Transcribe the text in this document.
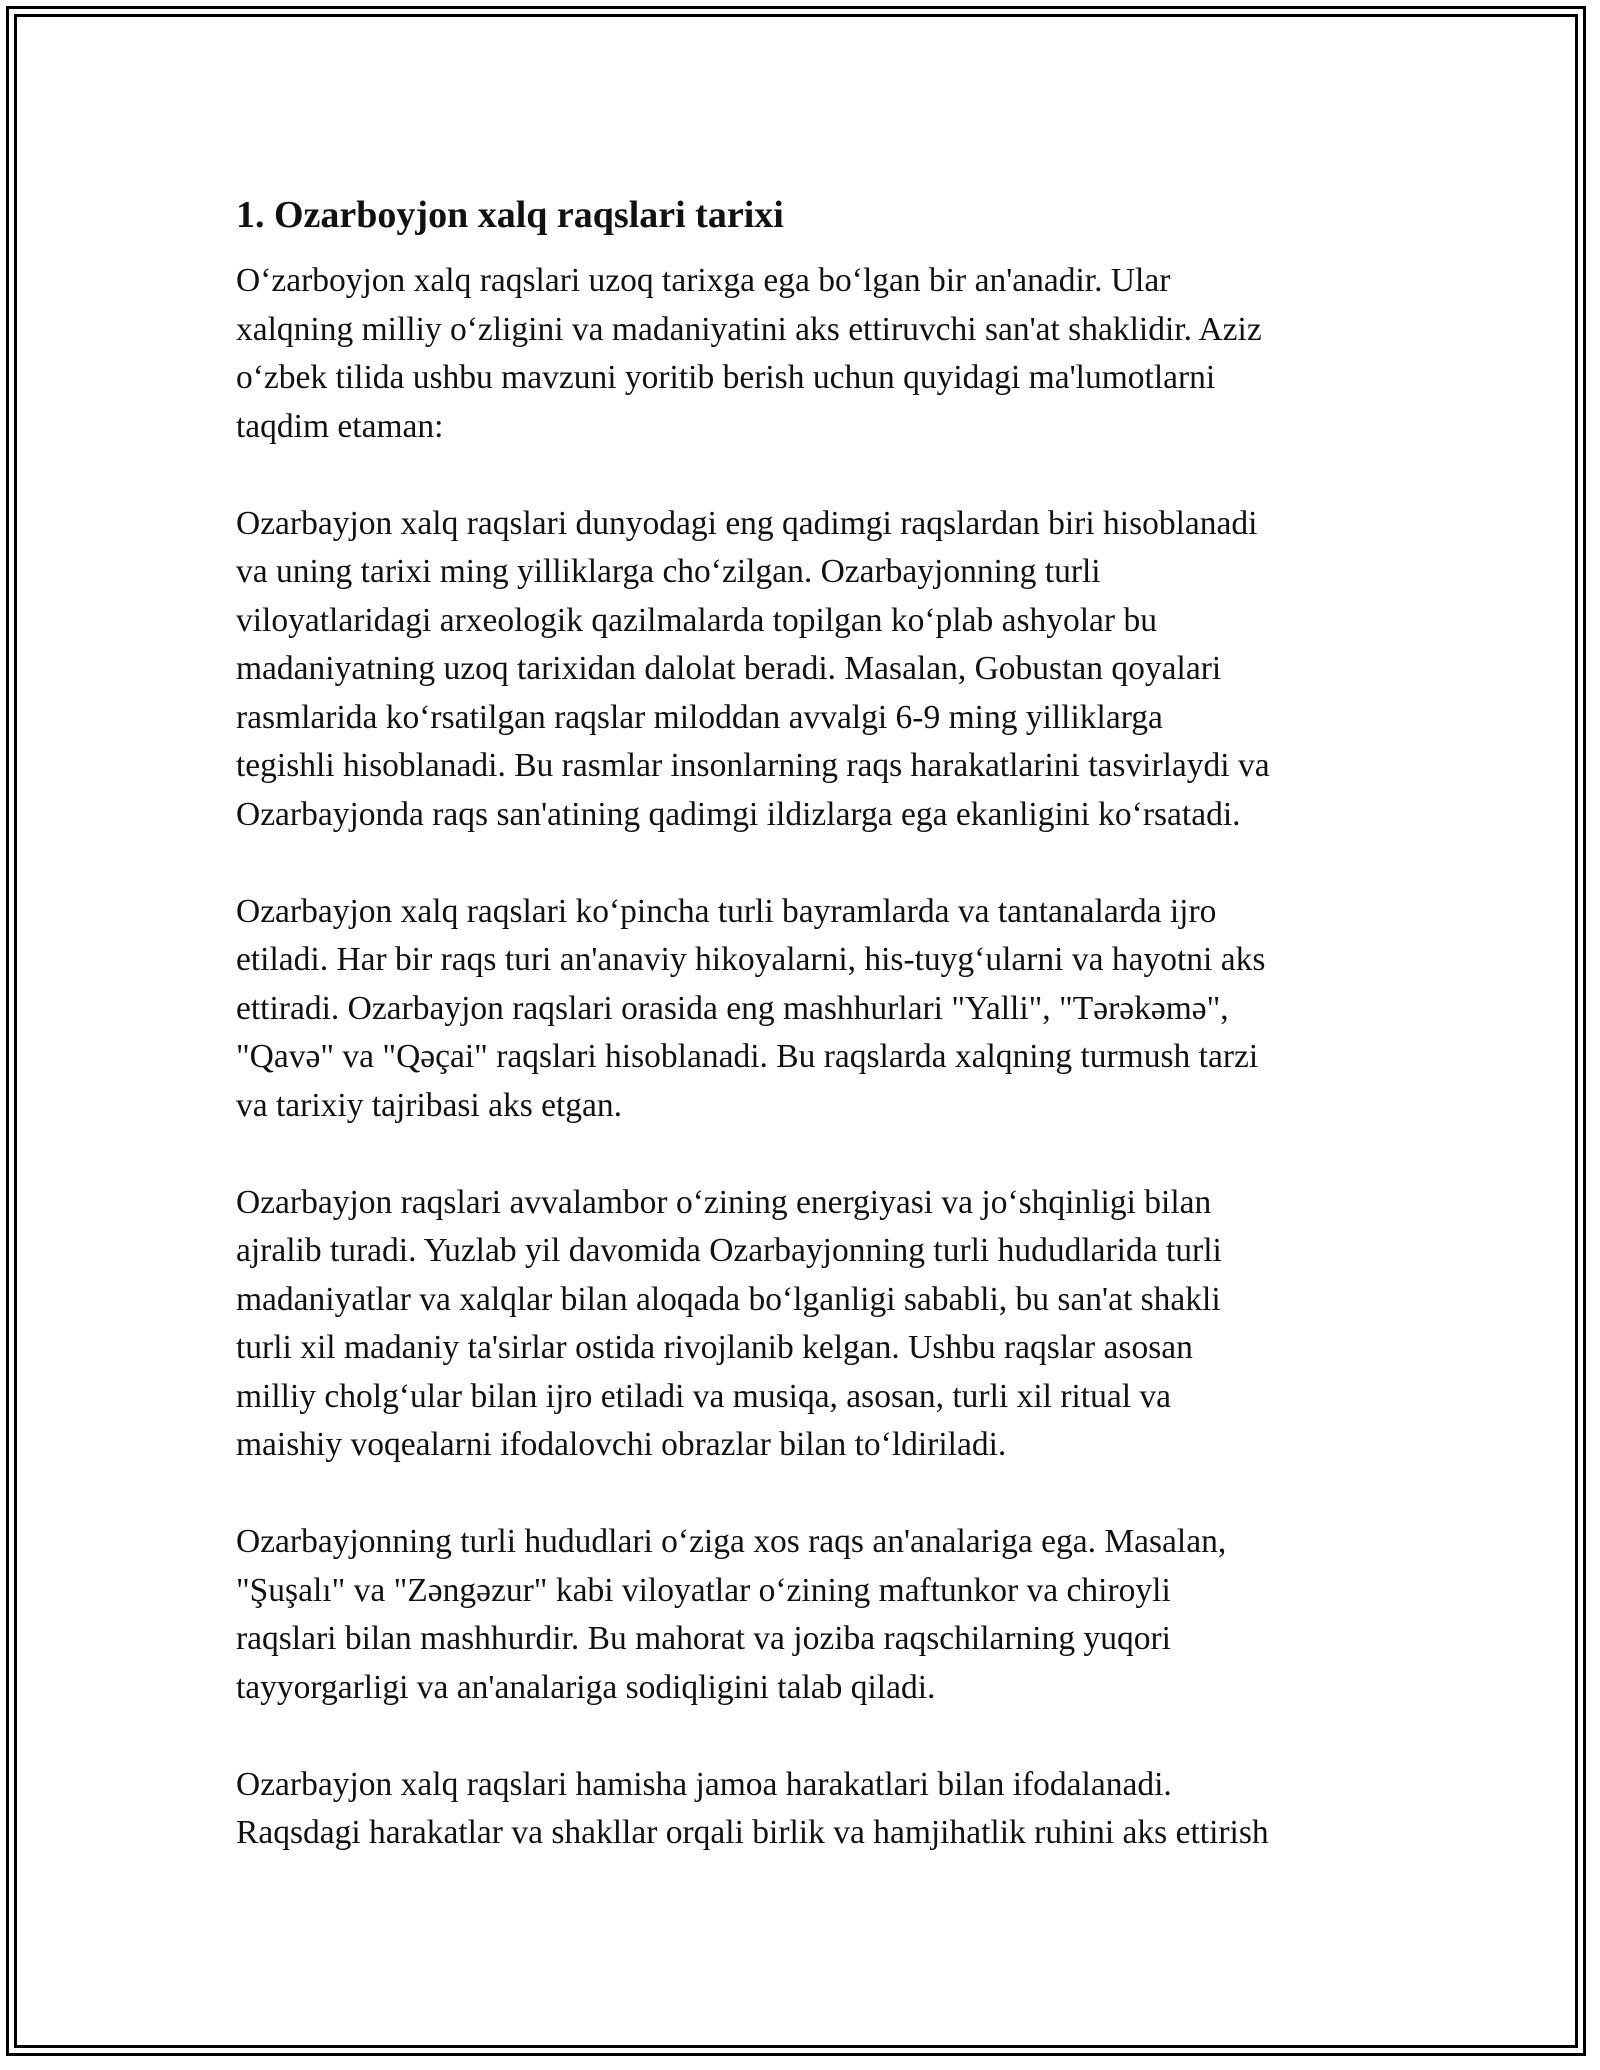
1. Ozarboyjon xalq raqslari tarixi

O‘zarboyjon xalq raqslari uzoq tarixga ega bo‘lgan bir an'anadir. Ular
xalqning milliy o‘zligini va madaniyatini aks ettiruvchi san'at shaklidir. Aziz
o‘zbek tilida ushbu mavzuni yoritib berish uchun quyidagi ma'lumotlarni
taqdim etaman:

Ozarbayjon xalq raqslari dunyodagi eng qadimgi raqslardan biri hisoblanadi
va uning tarixi ming yilliklarga cho‘zilgan. Ozarbayjonning turli
viloyatlaridagi arxeologik qazilmalarda topilgan ko‘plab ashyolar bu
madaniyatning uzoq tarixidan dalolat beradi. Masalan, Gobustan qoyalari
rasmlarida ko‘rsatilgan raqslar miloddan avvalgi 6-9 ming yilliklarga
tegishli hisoblanadi. Bu rasmlar insonlarning raqs harakatlarini tasvirlaydi va
Ozarbayjonda raqs san'atining qadimgi ildizlarga ega ekanligini ko‘rsatadi.

Ozarbayjon xalq raqslari ko‘pincha turli bayramlarda va tantanalarda ijro
etiladi. Har bir raqs turi an'anaviy hikoyalarni, his-tuyg‘ularni va hayotni aks
ettiradi. Ozarbayjon raqslari orasida eng mashhurlari "Yalli", "Tərəkəmə",
"Qavə" va "Qəçai" raqslari hisoblanadi. Bu raqslarda xalqning turmush tarzi
va tarixiy tajribasi aks etgan.

Ozarbayjon raqslari avvalambor o‘zining energiyasi va jo‘shqinligi bilan
ajralib turadi. Yuzlab yil davomida Ozarbayjonning turli hududlarida turli
madaniyatlar va xalqlar bilan aloqada bo‘lganligi sababli, bu san'at shakli
turli xil madaniy ta'sirlar ostida rivojlanib kelgan. Ushbu raqslar asosan
milliy cholg‘ular bilan ijro etiladi va musiqa, asosan, turli xil ritual va
maishiy voqealarni ifodalovchi obrazlar bilan to‘ldiriladi.

Ozarbayjonning turli hududlari o‘ziga xos raqs an'analariga ega. Masalan,
"Şuşalı" va "Zəngəzur" kabi viloyatlar o‘zining maftunkor va chiroyli
raqslari bilan mashhurdir. Bu mahorat va joziba raqschilarning yuqori
tayyorgarligi va an'analariga sodiqligini talab qiladi.

Ozarbayjon xalq raqslari hamisha jamoa harakatlari bilan ifodalanadi.
Raqsdagi harakatlar va shakllar orqali birlik va hamjihatlik ruhini aks ettirish
